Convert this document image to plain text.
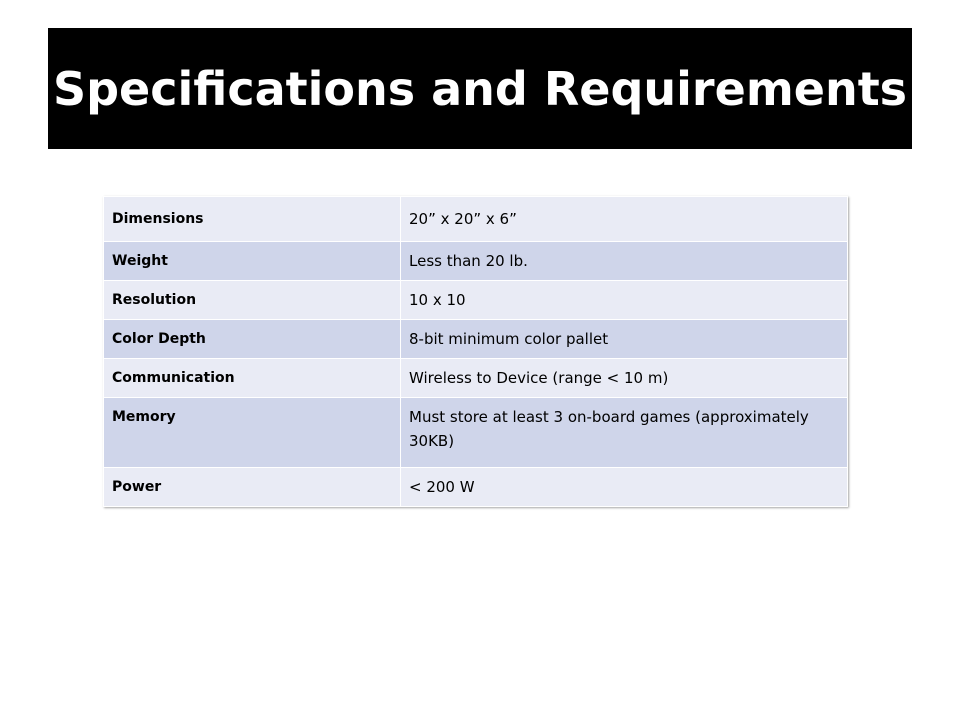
Specifications and Requirements
Dimensions	20” x 20” x 6”
Weight	Less than 20 lb.
Resolution	10 x 10
Color Depth	8-bit minimum color pallet
Communication	Wireless to Device (range < 10 m)
Memory	Must store at least 3 on-board games (approximately 30KB)
Power	< 200 W
